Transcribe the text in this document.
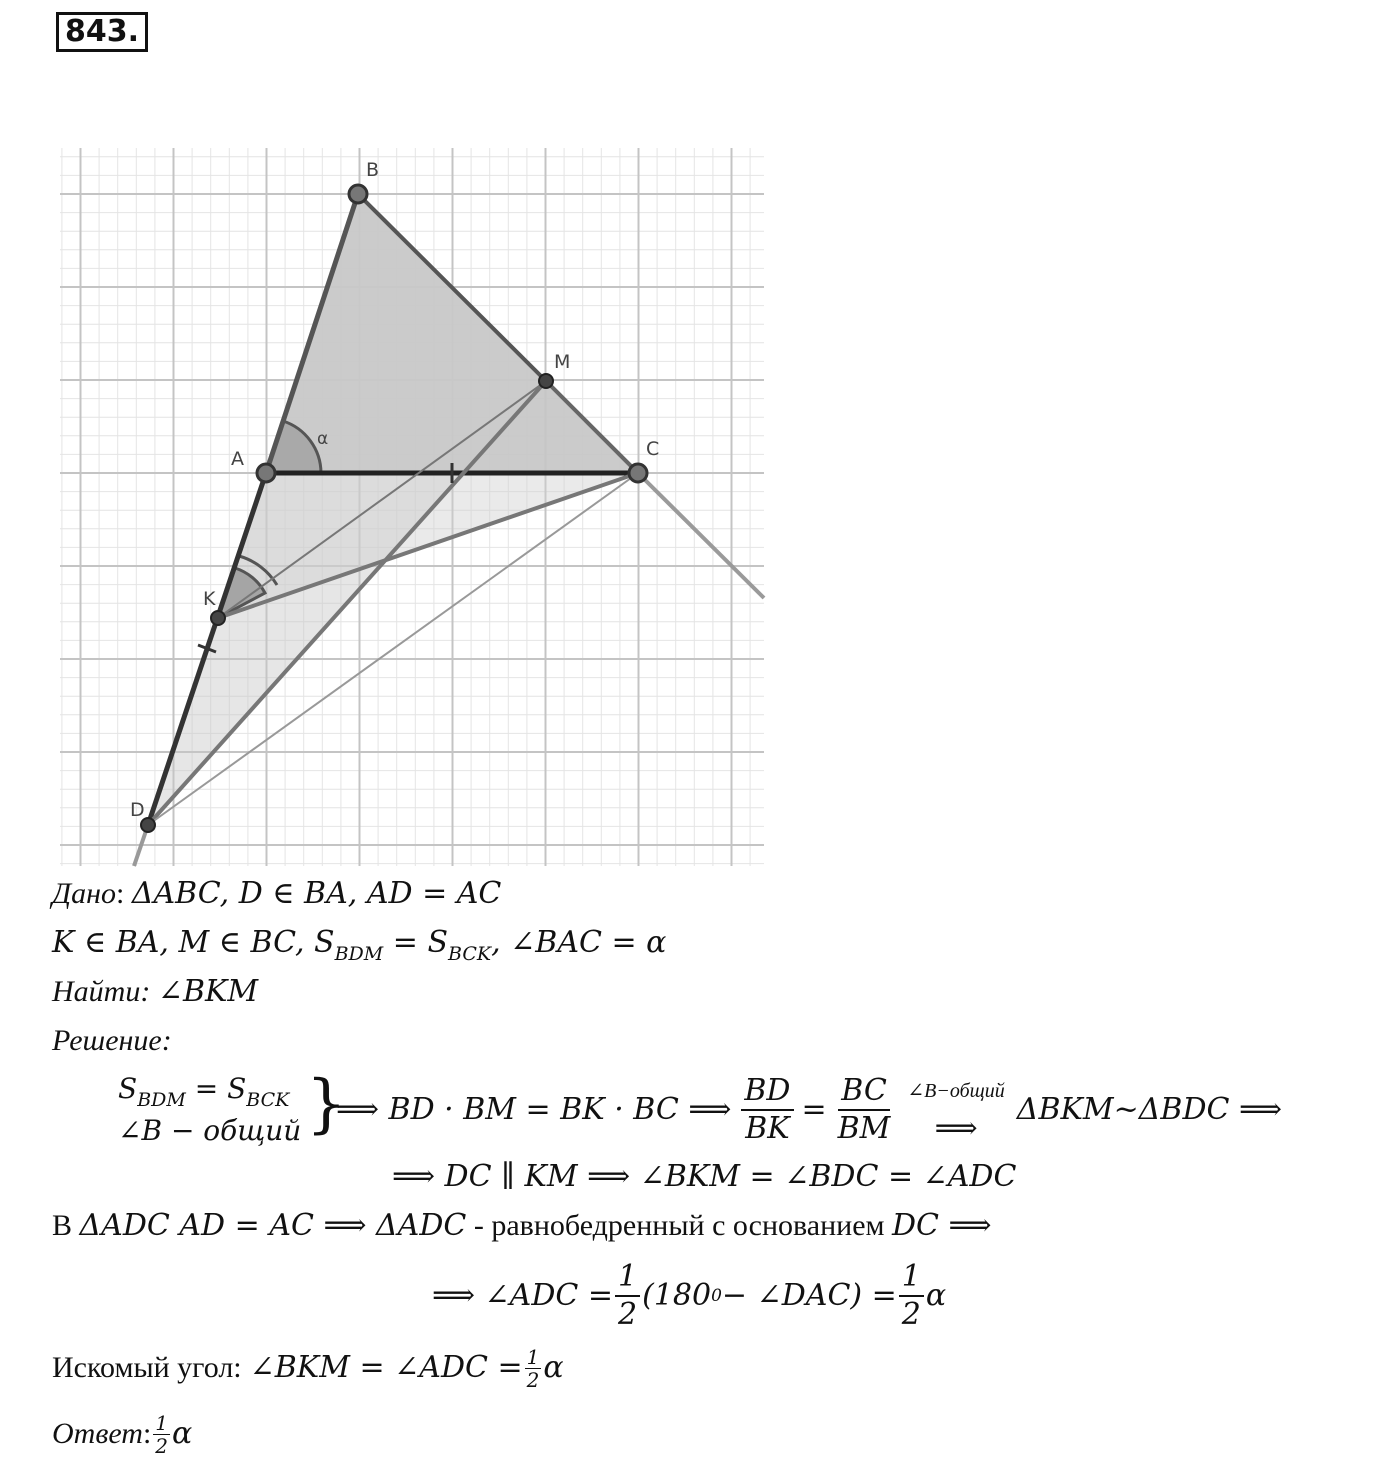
843.
B
M
C
A
K
D
α
Дано: ΔABC, D ∈ BA, AD = AC
K ∈ BA, M ∈ BC, $S_{BDM} = S_{BCK}$, ∠BAC = α
Найти: ∠BKM
Решение:
$S_{BDM} = S_{BCK}$
∠B − общий }
⟹ BD · BM = BK · BC ⟹ $\frac{BD}{BK} = \frac{BC}{BM}$ ∠B−общий
⟹
ΔBKM~ΔBDC ⟹
⟹ DC ∥ KM ⟹ ∠BKM = ∠BDC = ∠ADC
В ΔADC AD = AC ⟹ ΔADC - равнобедренный с основанием DC ⟹
⟹ ∠ADC = $\frac{1}{2} (180$ 0 − ∠DAC) = $\frac{1}{2}$ α
Искомый угол: ∠BKM = ∠ADC = $\frac{1}{2}$ α
Ответ : 1
2 α
